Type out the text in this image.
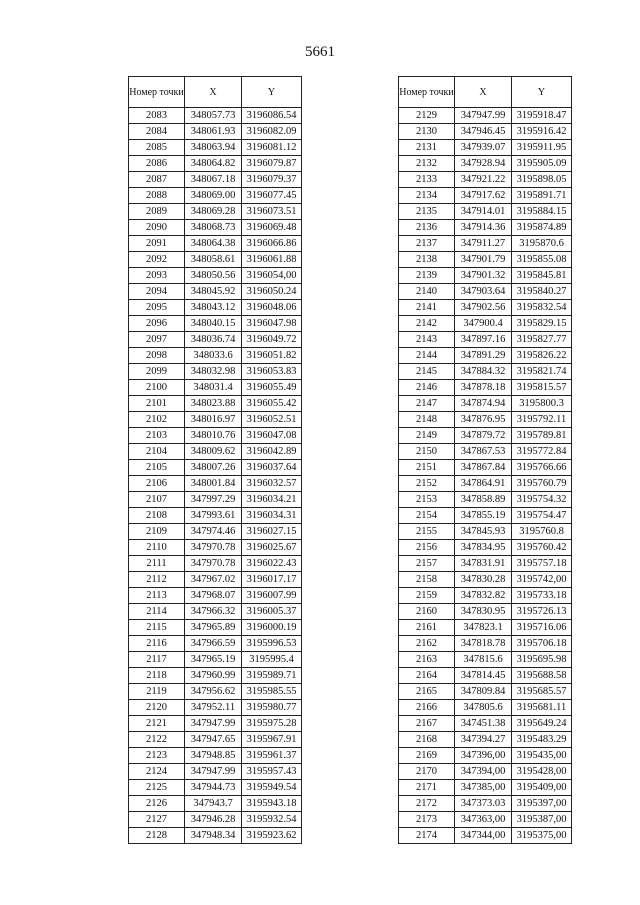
5661
Номер точки	X	Y
2083	348057.73	3196086.54
2084	348061.93	3196082.09
2085	348063.94	3196081.12
2086	348064.82	3196079.87
2087	348067.18	3196079.37
2088	348069.00	3196077.45
2089	348069.28	3196073.51
2090	348068.73	3196069.48
2091	348064.38	3196066.86
2092	348058.61	3196061.88
2093	348050.56	3196054,00
2094	348045.92	3196050.24
2095	348043.12	3196048.06
2096	348040.15	3196047.98
2097	348036.74	3196049.72
2098	348033.6	3196051.82
2099	348032.98	3196053.83
2100	348031.4	3196055.49
2101	348023.88	3196055.42
2102	348016.97	3196052.51
2103	348010.76	3196047.08
2104	348009.62	3196042.89
2105	348007.26	3196037.64
2106	348001.84	3196032.57
2107	347997.29	3196034.21
2108	347993.61	3196034.31
2109	347974.46	3196027.15
2110	347970.78	3196025.67
2111	347970.78	3196022.43
2112	347967.02	3196017.17
2113	347968.07	3196007.99
2114	347966.32	3196005.37
2115	347965.89	3196000.19
2116	347966.59	3195996.53
2117	347965.19	3195995.4
2118	347960.99	3195989.71
2119	347956.62	3195985.55
2120	347952.11	3195980.77
2121	347947.99	3195975.28
2122	347947.65	3195967.91
2123	347948.85	3195961.37
2124	347947.99	3195957.43
2125	347944.73	3195949.54
2126	347943.7	3195943.18
2127	347946.28	3195932.54
2128	347948.34	3195923.62
Номер точки	X	Y
2129	347947.99	3195918.47
2130	347946.45	3195916.42
2131	347939.07	3195911.95
2132	347928.94	3195905.09
2133	347921.22	3195898.05
2134	347917.62	3195891.71
2135	347914.01	3195884.15
2136	347914.36	3195874.89
2137	347911.27	3195870.6
2138	347901.79	3195855.08
2139	347901.32	3195845.81
2140	347903.64	3195840.27
2141	347902.56	3195832.54
2142	347900.4	3195829.15
2143	347897.16	3195827.77
2144	347891.29	3195826.22
2145	347884.32	3195821.74
2146	347878.18	3195815.57
2147	347874.94	3195800.3
2148	347876.95	3195792.11
2149	347879.72	3195789.81
2150	347867.53	3195772.84
2151	347867.84	3195766.66
2152	347864.91	3195760.79
2153	347858.89	3195754.32
2154	347855.19	3195754.47
2155	347845.93	3195760.8
2156	347834.95	3195760.42
2157	347831.91	3195757.18
2158	347830.28	3195742,00
2159	347832.82	3195733.18
2160	347830.95	3195726.13
2161	347823.1	3195716.06
2162	347818.78	3195706.18
2163	347815.6	3195695.98
2164	347814.45	3195688.58
2165	347809.84	3195685.57
2166	347805.6	3195681.11
2167	347451.38	3195649.24
2168	347394.27	3195483.29
2169	347396,00	3195435,00
2170	347394,00	3195428,00
2171	347385,00	3195409,00
2172	347373.03	3195397,00
2173	347363,00	3195387,00
2174	347344,00	3195375,00
